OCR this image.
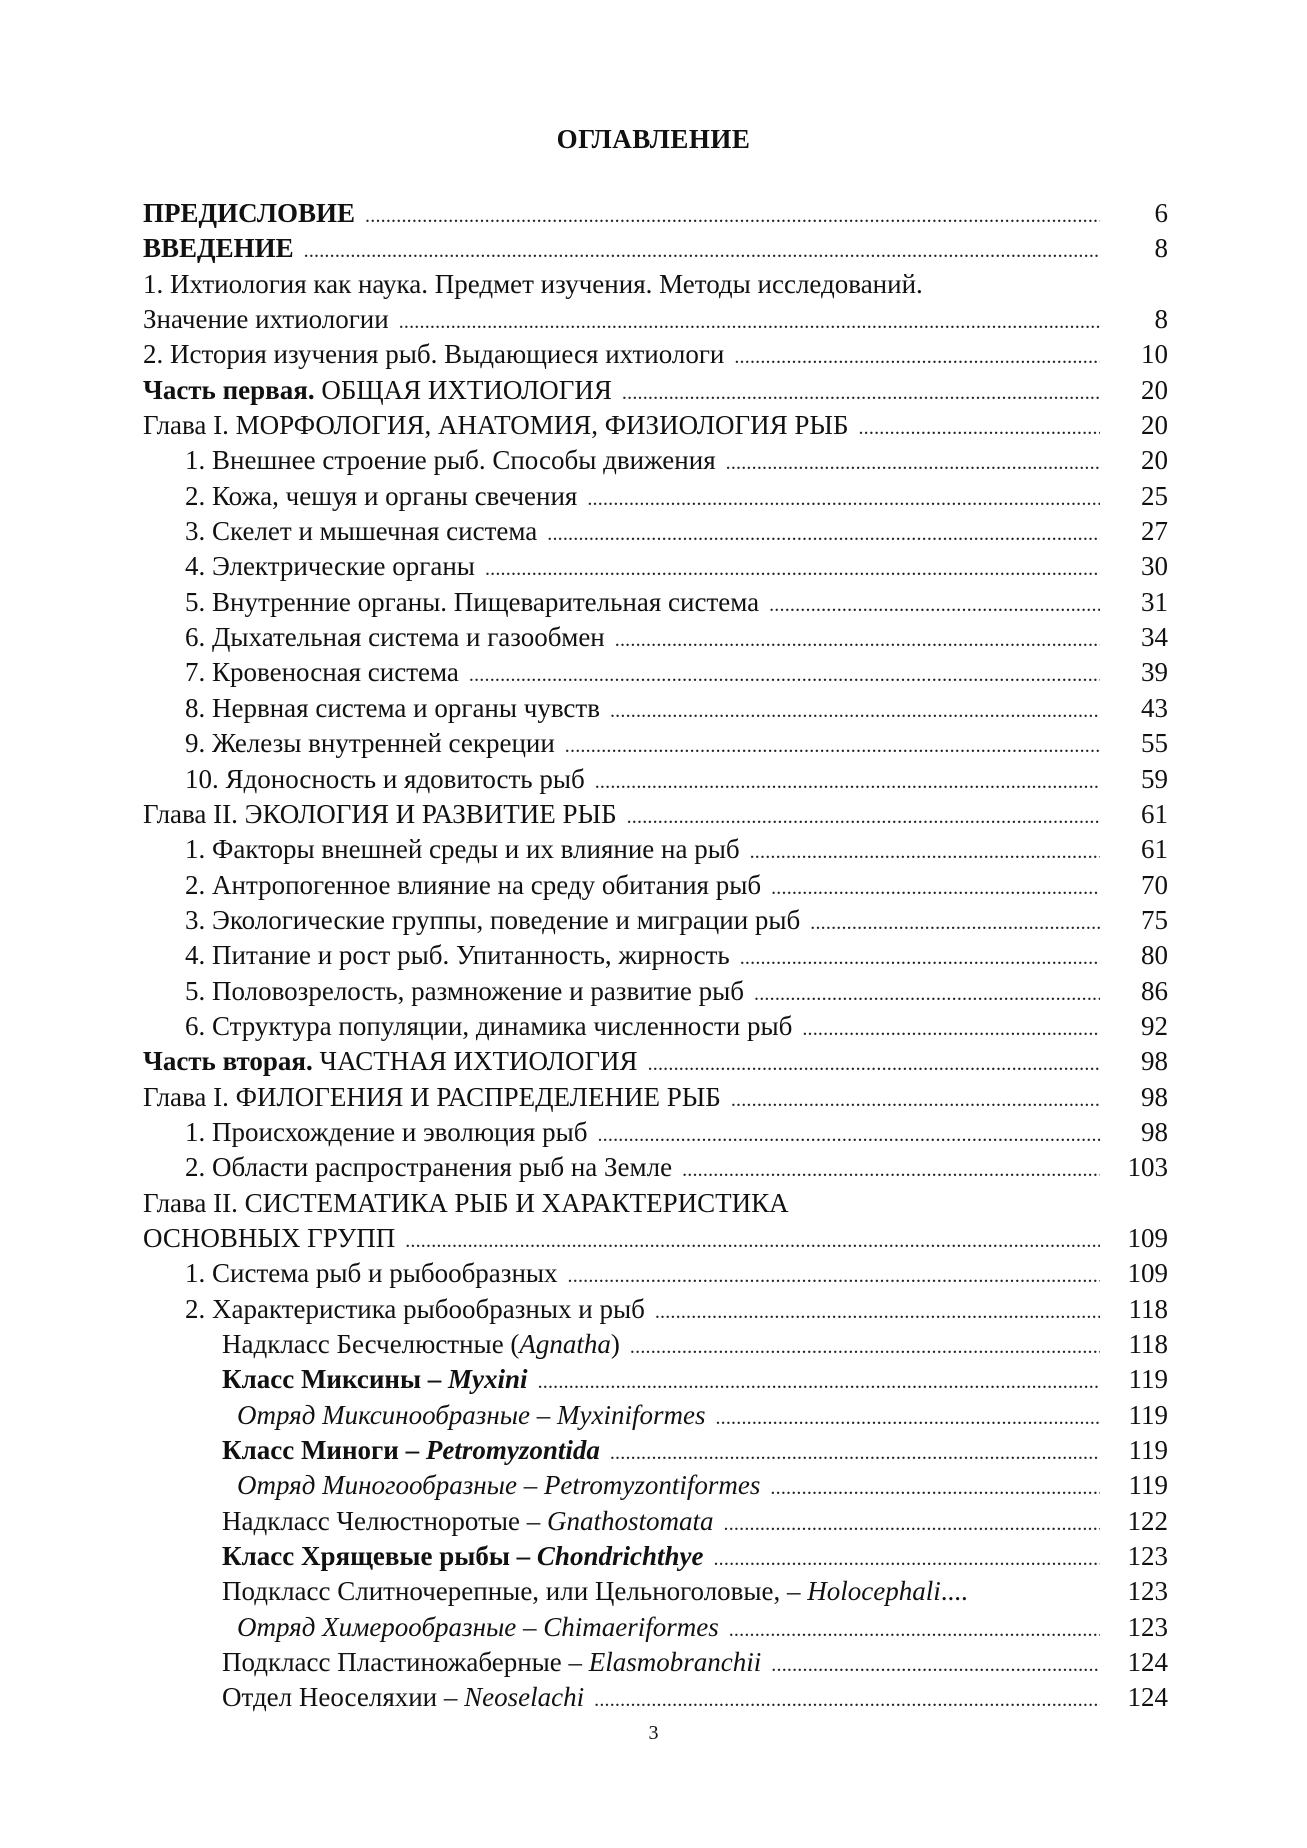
ОГЛАВЛЕНИЕ
ПРЕДИСЛОВИЕ . . .	6
ВВЕДЕНИЕ . . .	8
1. Ихтиология как наука. Предмет изучения. Методы исследований.
Значение ихтиологии . . .	8
2. История изучения рыб. Выдающиеся ихтиологи . . .	10
Часть первая. ОБЩАЯ ИХТИОЛОГИЯ . . .	20
Глава I. МОРФОЛОГИЯ, АНАТОМИЯ, ФИЗИОЛОГИЯ РЫБ . . .	20
1. Внешнее строение рыб. Способы движения . . .	20
2. Кожа, чешуя и органы свечения . . .	25
3. Скелет и мышечная система . . .	27
4. Электрические органы . . .	30
5. Внутренние органы. Пищеварительная система . . .	31
6. Дыхательная система и газообмен . . .	34
7. Кровеносная система . . .	39
8. Нервная система и органы чувств . . .	43
9. Железы внутренней секреции . . .	55
10. Ядоносность и ядовитость рыб . . .	59
Глава II. ЭКОЛОГИЯ И РАЗВИТИЕ РЫБ . . .	61
1. Факторы внешней среды и их влияние на рыб . . .	61
2. Антропогенное влияние на среду обитания рыб . . .	70
3. Экологические группы, поведение и миграции рыб . . .	75
4. Питание и рост рыб. Упитанность, жирность . . .	80
5. Половозрелость, размножение и развитие рыб . . .	86
6. Структура популяции, динамика численности рыб . . .	92
Часть вторая. ЧАСТНАЯ ИХТИОЛОГИЯ . . .	98
Глава I. ФИЛОГЕНИЯ И РАСПРЕДЕЛЕНИЕ РЫБ . . .	98
1. Происхождение и эволюция рыб . . .	98
2. Области распространения рыб на Земле . . .	103
Глава II. СИСТЕМАТИКА РЫБ И ХАРАКТЕРИСТИКА
ОСНОВНЫХ ГРУПП . . .	109
1. Система рыб и рыбообразных . . .	109
2. Характеристика рыбообразных и рыб . . .	118
Надкласс Бесчелюстные (Agnatha) . . .	118
Класс Миксины – Myxini . . .	119
Отряд Миксинообразные – Myxiniformes . . .	119
Класс Миноги – Petromyzontida . . .	119
Отряд Миногообразные – Petromyzontiformes . . .	119
Надкласс Челюстноротые – Gnathostomata . . .	122
Класс Хрящевые рыбы – Chondrichthye . . .	123
Подкласс Слитночерепные, или Цельноголовые, – Holocephali....	123
Отряд Химерообразные – Chimaeriformes . . .	123
Подкласс Пластиножаберные – Elasmobranchii . . .	124
Отдел Неоселяхии – Neoselachi . . .	124
3
